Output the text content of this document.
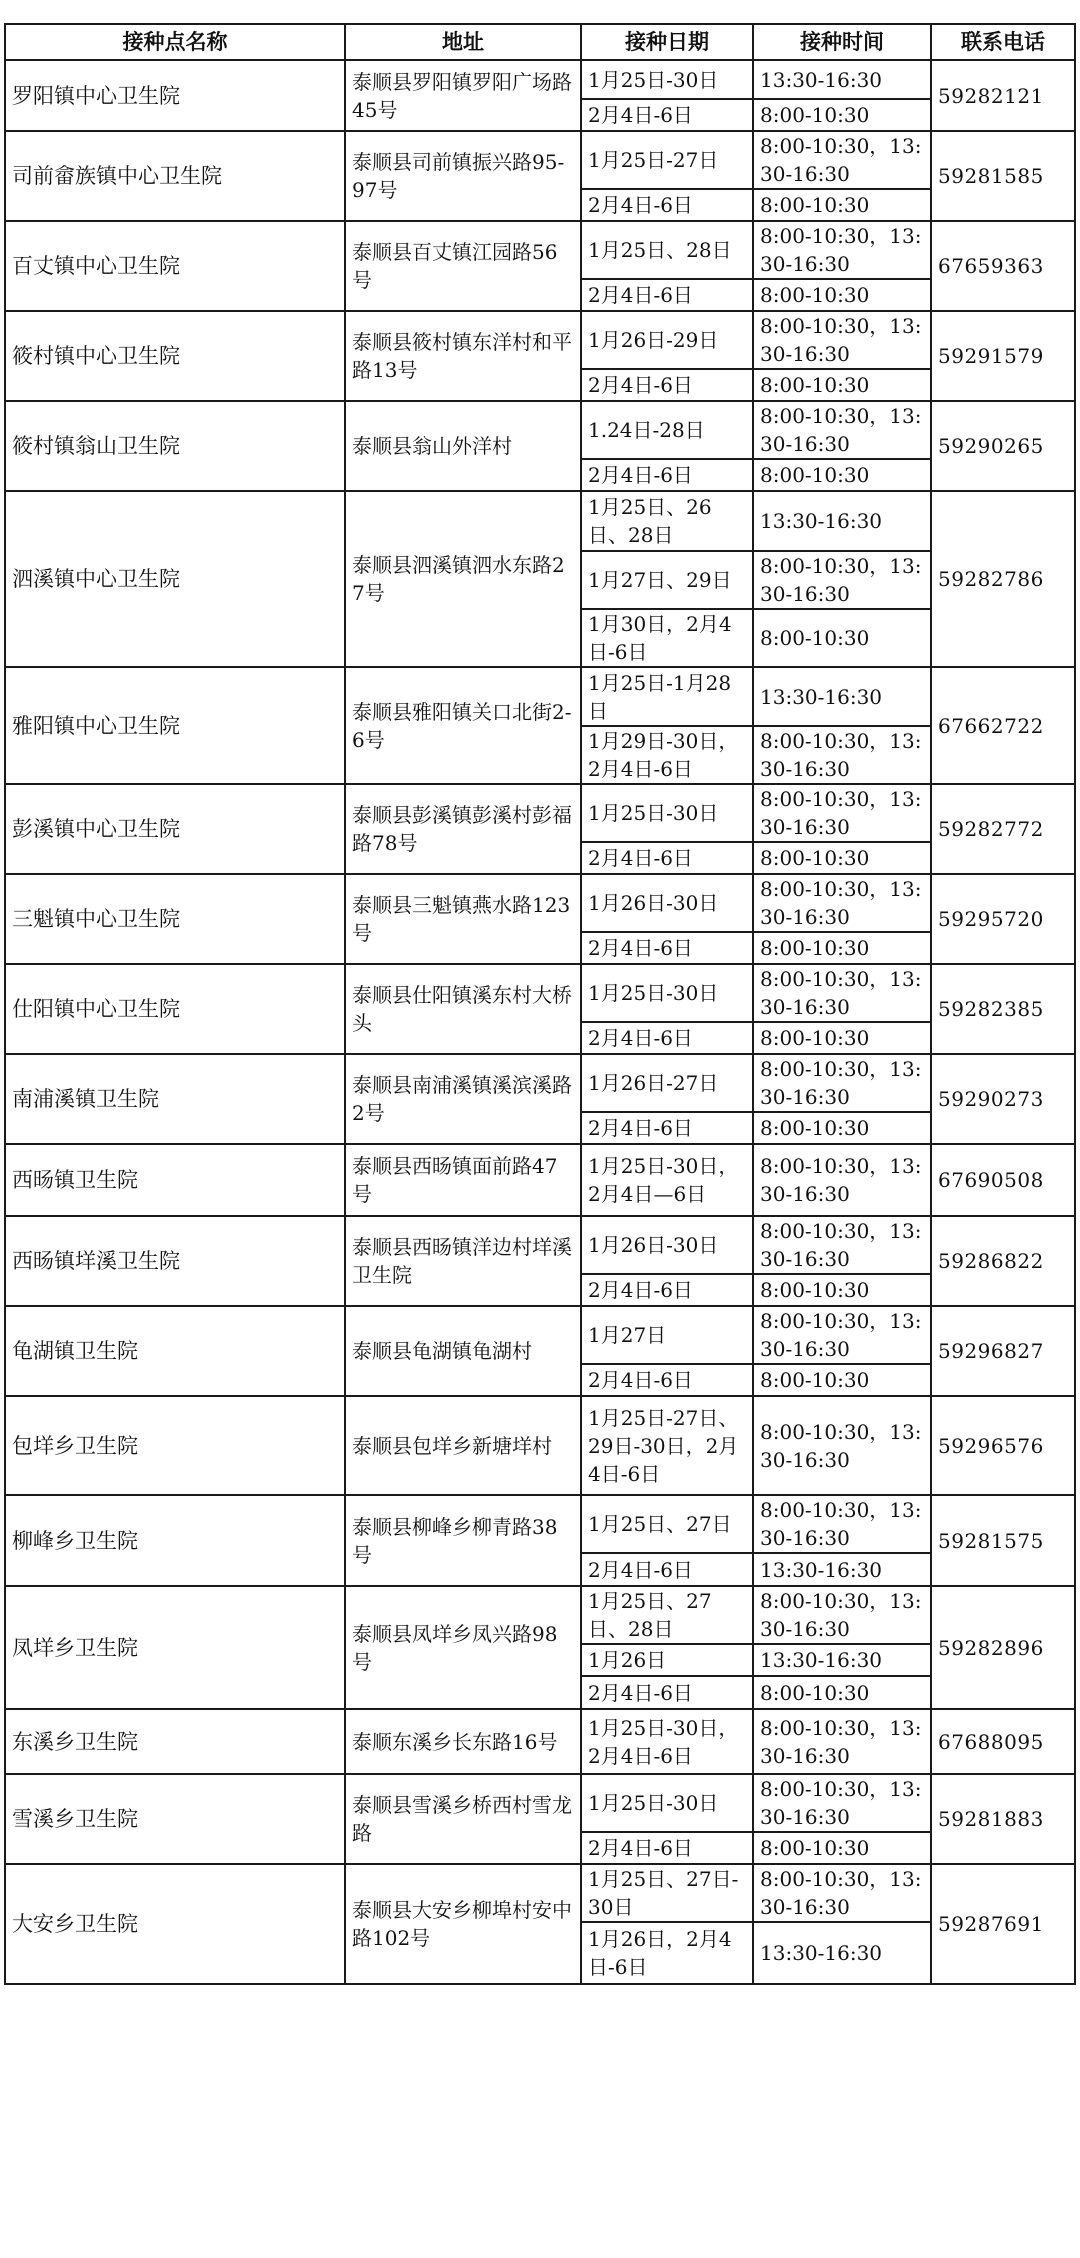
接种点名称	地址	接种日期	接种时间	联系电话
罗阳镇中心卫生院	泰顺县罗阳镇罗阳广场路45号	1月25日-30日	13:30-16:30	59282121
		2月4日-6日	8:00-10:30	
司前畲族镇中心卫生院	泰顺县司前镇振兴路95-97号	1月25日-27日	8:00-10:30，13:30-16:30	59281585
		2月4日-6日	8:00-10:30	
百丈镇中心卫生院	泰顺县百丈镇江园路56号	1月25日、28日	8:00-10:30，13:30-16:30	67659363
		2月4日-6日	8:00-10:30	
筱村镇中心卫生院	泰顺县筱村镇东洋村和平路13号	1月26日-29日	8:00-10:30，13:30-16:30	59291579
		2月4日-6日	8:00-10:30	
筱村镇翁山卫生院	泰顺县翁山外洋村	1.24日-28日	8:00-10:30，13:30-16:30	59290265
		2月4日-6日	8:00-10:30	
泗溪镇中心卫生院	泰顺县泗溪镇泗水东路27号	1月25日、26日、28日	13:30-16:30	59282786
		1月27日、29日	8:00-10:30，13:30-16:30	
		1月30日，2月4日-6日	8:00-10:30	
雅阳镇中心卫生院	泰顺县雅阳镇关口北街2-6号	1月25日-1月28日	13:30-16:30	67662722
		1月29日-30日，2月4日-6日	8:00-10:30，13:30-16:30	
彭溪镇中心卫生院	泰顺县彭溪镇彭溪村彭福路78号	1月25日-30日	8:00-10:30，13:30-16:30	59282772
		2月4日-6日	8:00-10:30	
三魁镇中心卫生院	泰顺县三魁镇燕水路123号	1月26日-30日	8:00-10:30，13:30-16:30	59295720
		2月4日-6日	8:00-10:30	
仕阳镇中心卫生院	泰顺县仕阳镇溪东村大桥头	1月25日-30日	8:00-10:30，13:30-16:30	59282385
		2月4日-6日	8:00-10:30	
南浦溪镇卫生院	泰顺县南浦溪镇溪滨溪路2号	1月26日-27日	8:00-10:30，13:30-16:30	59290273
		2月4日-6日	8:00-10:30	
西旸镇卫生院	泰顺县西旸镇面前路47号	1月25日-30日，2月4日—6日	8:00-10:30，13:30-16:30	67690508
西旸镇垟溪卫生院	泰顺县西旸镇洋边村垟溪卫生院	1月26日-30日	8:00-10:30，13:30-16:30	59286822
		2月4日-6日	8:00-10:30	
龟湖镇卫生院	泰顺县龟湖镇龟湖村	1月27日	8:00-10:30，13:30-16:30	59296827
		2月4日-6日	8:00-10:30	
包垟乡卫生院	泰顺县包垟乡新塘垟村	1月25日-27日、29日-30日，2月4日-6日	8:00-10:30，13:30-16:30	59296576
柳峰乡卫生院	泰顺县柳峰乡柳青路38号	1月25日、27日	8:00-10:30，13:30-16:30	59281575
		2月4日-6日	13:30-16:30	
凤垟乡卫生院	泰顺县凤垟乡凤兴路98号	1月25日、27日、28日	8:00-10:30，13:30-16:30	59282896
		1月26日	13:30-16:30	
		2月4日-6日	8:00-10:30	
东溪乡卫生院	泰顺东溪乡长东路16号	1月25日-30日，2月4日-6日	8:00-10:30，13:30-16:30	67688095
雪溪乡卫生院	泰顺县雪溪乡桥西村雪龙路	1月25日-30日	8:00-10:30，13:30-16:30	59281883
		2月4日-6日	8:00-10:30	
大安乡卫生院	泰顺县大安乡柳埠村安中路102号	1月25日、27日-30日	8:00-10:30，13:30-16:30	59287691
		1月26日，2月4日-6日	13:30-16:30	
